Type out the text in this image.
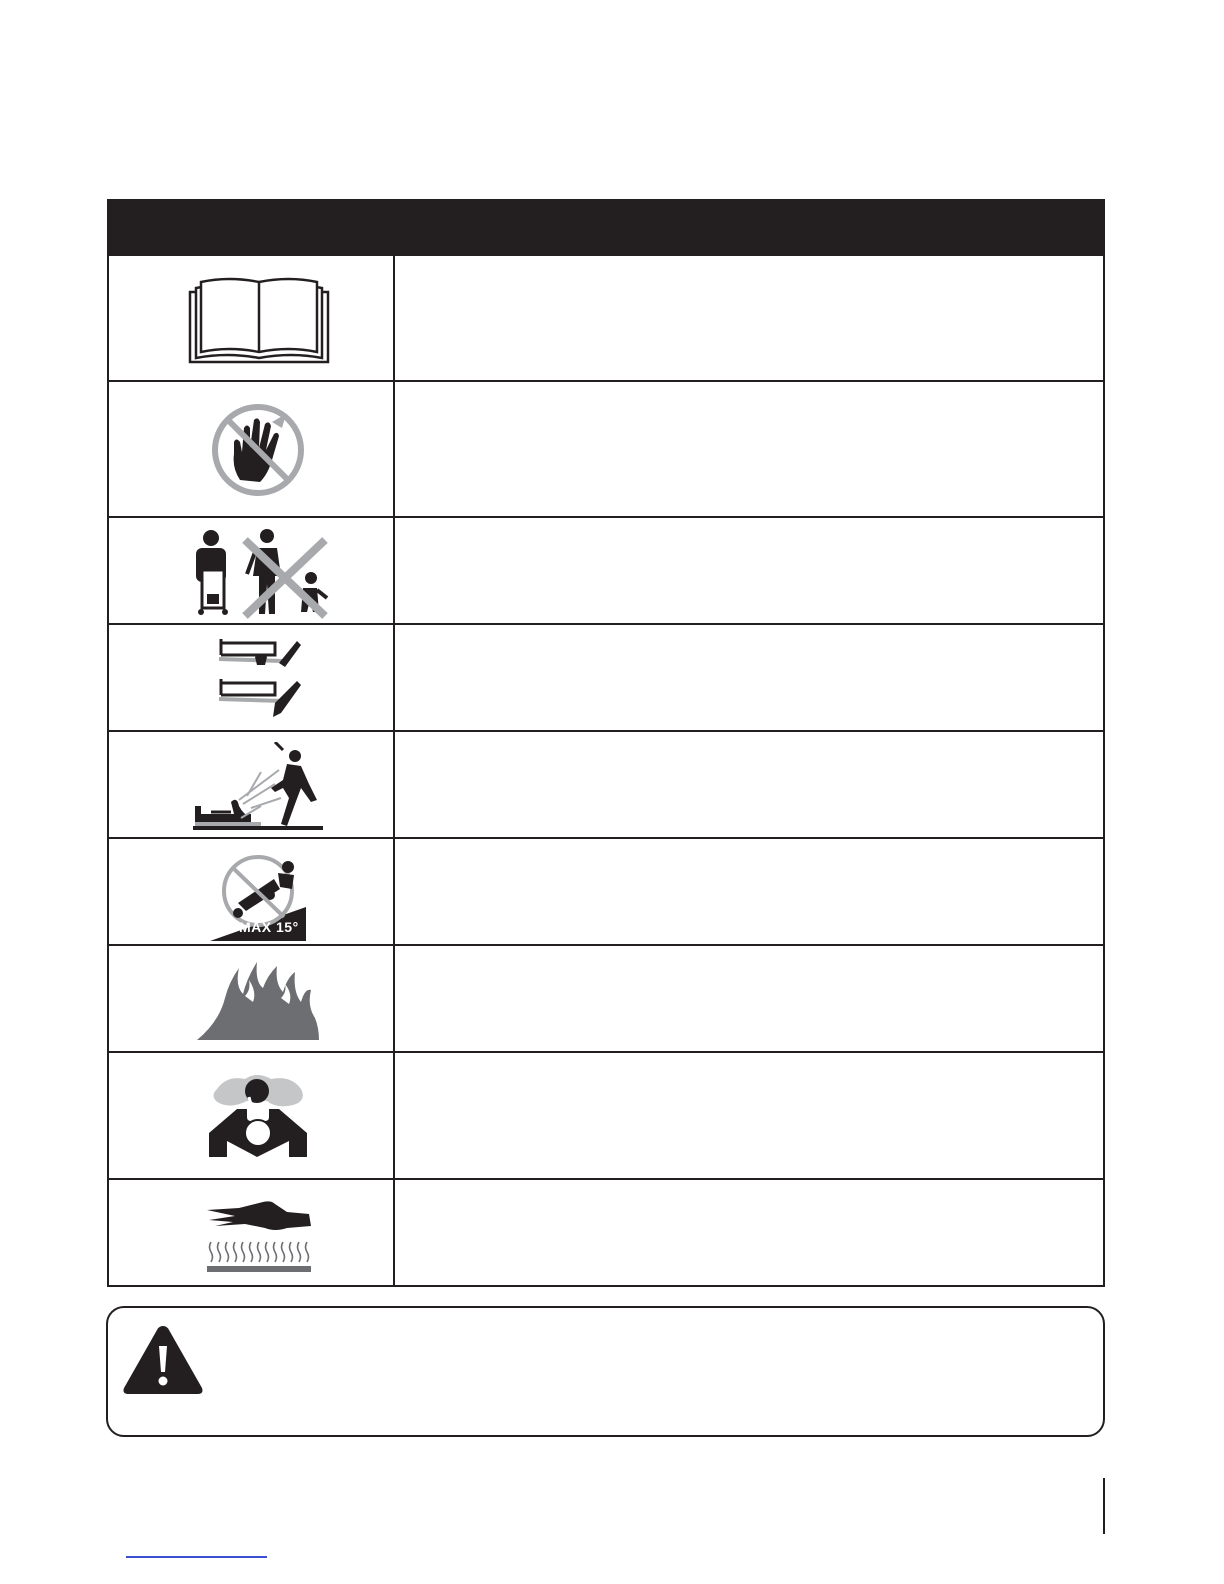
MAX 15°
